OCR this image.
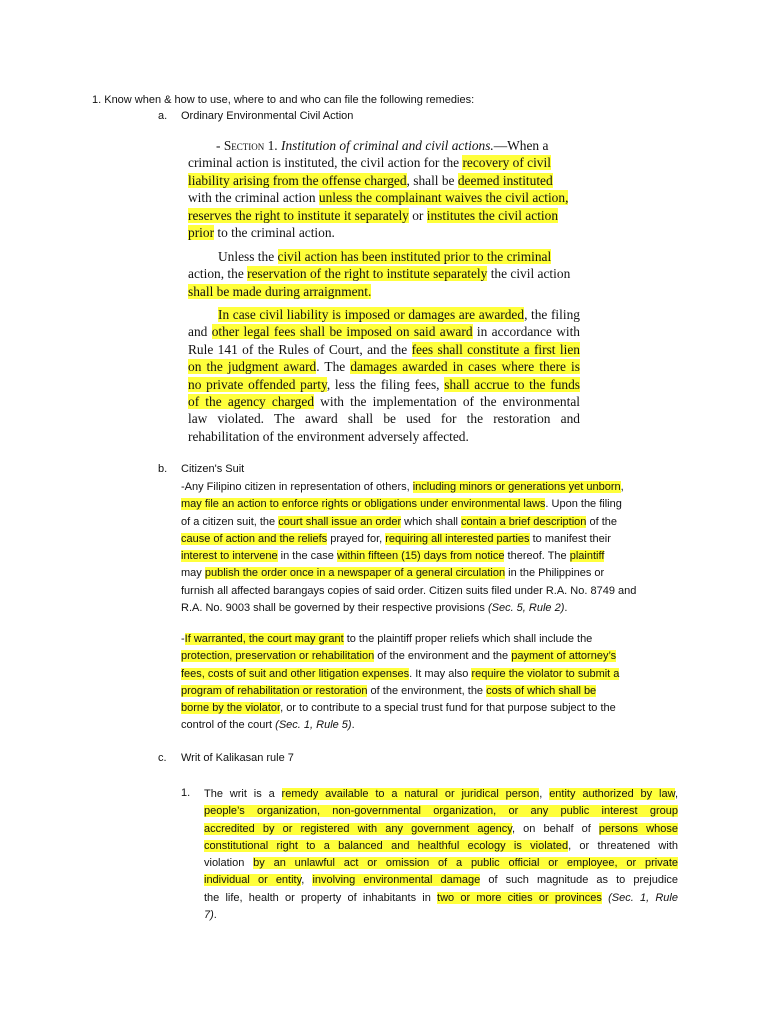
1. Know when & how to use, where to and who can file the following remedies:
a. Ordinary Environmental Civil Action
- Section 1. Institution of criminal and civil actions.—When a
criminal action is instituted, the civil action for the recovery of civil
liability arising from the offense charged, shall be deemed instituted
with the criminal action unless the complainant waives the civil action,
reserves the right to institute it separately or institutes the civil action
prior to the criminal action.
Unless the civil action has been instituted prior to the criminal
action, the reservation of the right to institute separately the civil action
shall be made during arraignment.
In case civil liability is imposed or damages are awarded, the filing
and other legal fees shall be imposed on said award in accordance with
Rule 141 of the Rules of Court, and the fees shall constitute a first lien
on the judgment award. The damages awarded in cases where there is
no private offended party, less the filing fees, shall accrue to the funds
of the agency charged with the implementation of the environmental
law violated. The award shall be used for the restoration and
rehabilitation of the environment adversely affected.
b. Citizen's Suit
-Any Filipino citizen in representation of others, including minors or generations yet unborn,
may file an action to enforce rights or obligations under environmental laws. Upon the filing
of a citizen suit, the court shall issue an order which shall contain a brief description of the
cause of action and the reliefs prayed for, requiring all interested parties to manifest their
interest to intervene in the case within fifteen (15) days from notice thereof. The plaintiff
may publish the order once in a newspaper of a general circulation in the Philippines or
furnish all affected barangays copies of said order. Citizen suits filed under R.A. No. 8749 and
R.A. No. 9003 shall be governed by their respective provisions (Sec. 5, Rule 2).
-If warranted, the court may grant to the plaintiff proper reliefs which shall include the
protection, preservation or rehabilitation of the environment and the payment of attorney’s
fees, costs of suit and other litigation expenses. It may also require the violator to submit a
program of rehabilitation or restoration of the environment, the costs of which shall be
borne by the violator, or to contribute to a special trust fund for that purpose subject to the
control of the court (Sec. 1, Rule 5).
c. Writ of Kalikasan rule 7
1. The writ is a remedy available to a natural or juridical person, entity authorized by law,
people’s organization, non-governmental organization, or any public interest group
accredited by or registered with any government agency, on behalf of persons whose
constitutional right to a balanced and healthful ecology is violated, or threatened with
violation by an unlawful act or omission of a public official or employee, or private
individual or entity, involving environmental damage of such magnitude as to prejudice
the life, health or property of inhabitants in two or more cities or provinces (Sec. 1, Rule
7).
